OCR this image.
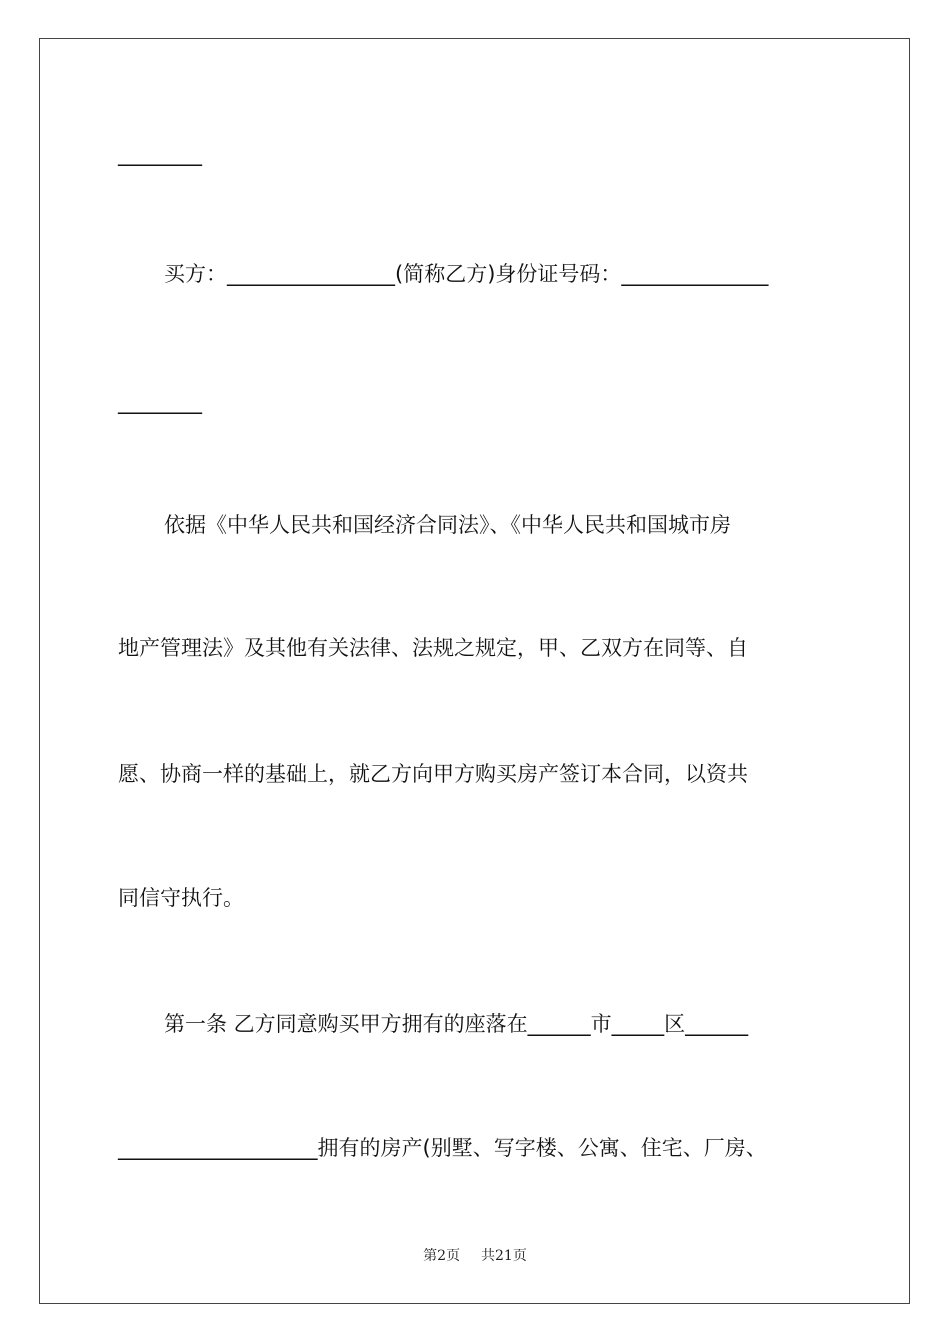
________
买方：________________(简称乙方)身份证号码：______________
________
依据《中华人民共和国经济合同法》、《中华人民共和国城市房
地产管理法》及其他有关法律、法规之规定，甲、乙双方在同等、自
愿、协商一样的基础上，就乙方向甲方购买房产签订本合同，以资共
同信守执行。
第一条 乙方同意购买甲方拥有的座落在______市_____区______
___________________拥有的房产(别墅、写字楼、公寓、住宅、厂房、
第2页 共21页
